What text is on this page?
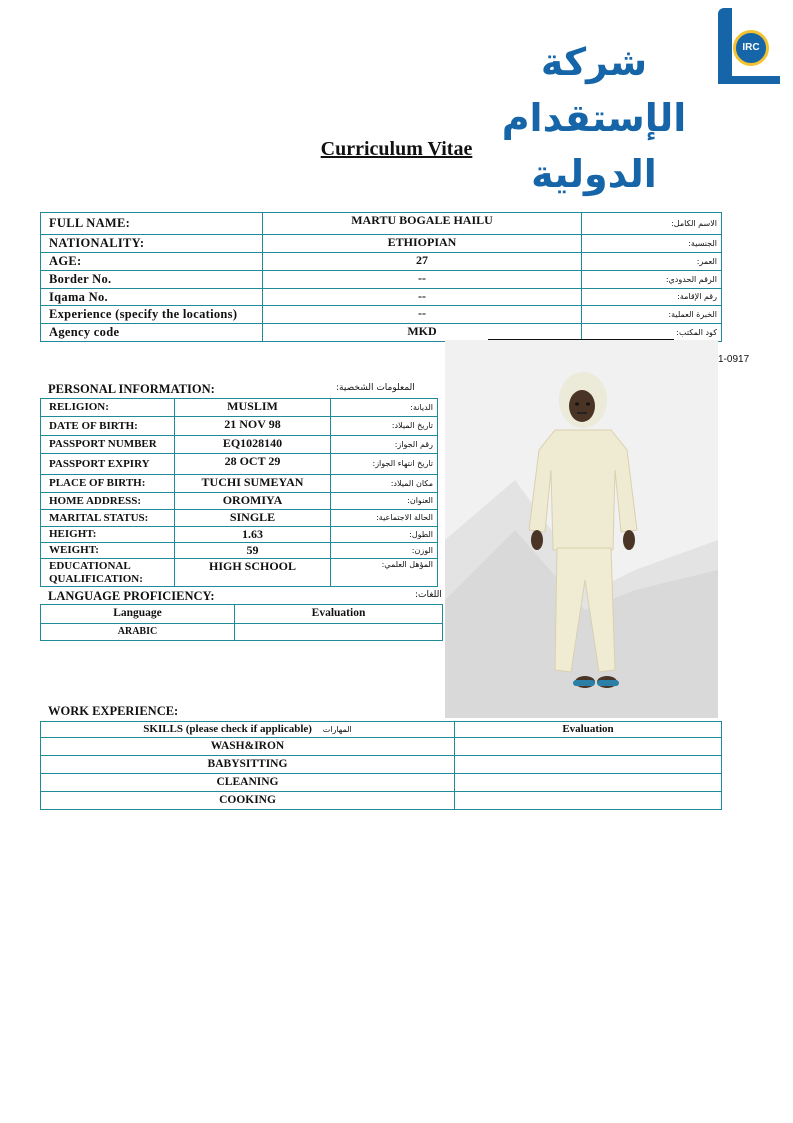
شركة الإستقدام الدولية
IRC
Curriculum Vitae
FULL NAME:	MARTU BOGALE HAILU	الاسم الكامل:
NATIONALITY:	ETHIOPIAN	الجنسية:
AGE:	27	العمر:
Border No.	--	الرقم الحدودي:
Iqama No.	--	رقم الإقامة:
Experience (specify the locations)	--	الخبرة العملية:
Agency code	MKD	كود المكتب:
1-0917
PERSONAL INFORMATION:	المعلومات الشخصية:
RELIGION:	MUSLIM	الديانة:
DATE OF BIRTH:	21 NOV 98	تاريخ الميلاد:
PASSPORT NUMBER	EQ1028140	رقم الجواز:
PASSPORT EXPIRY	28 OCT 29	تاريخ انتهاء الجواز:
PLACE OF BIRTH:	TUCHI SUMEYAN	مكان الميلاد:
HOME ADDRESS:	OROMIYA	العنوان:
MARITAL STATUS:	SINGLE	الحالة الاجتماعية:
HEIGHT:	1.63	الطول:
WEIGHT:	59	الوزن:
EDUCATIONAL QUALIFICATION:	HIGH SCHOOL	المؤهل العلمي:
LANGUAGE PROFICIENCY:	اللغات:
Language	Evaluation
ARABIC	
WORK EXPERIENCE:
SKILLS (please check if applicable) المهارات	Evaluation
WASH&IRON	
BABYSITTING	
CLEANING	
COOKING	
